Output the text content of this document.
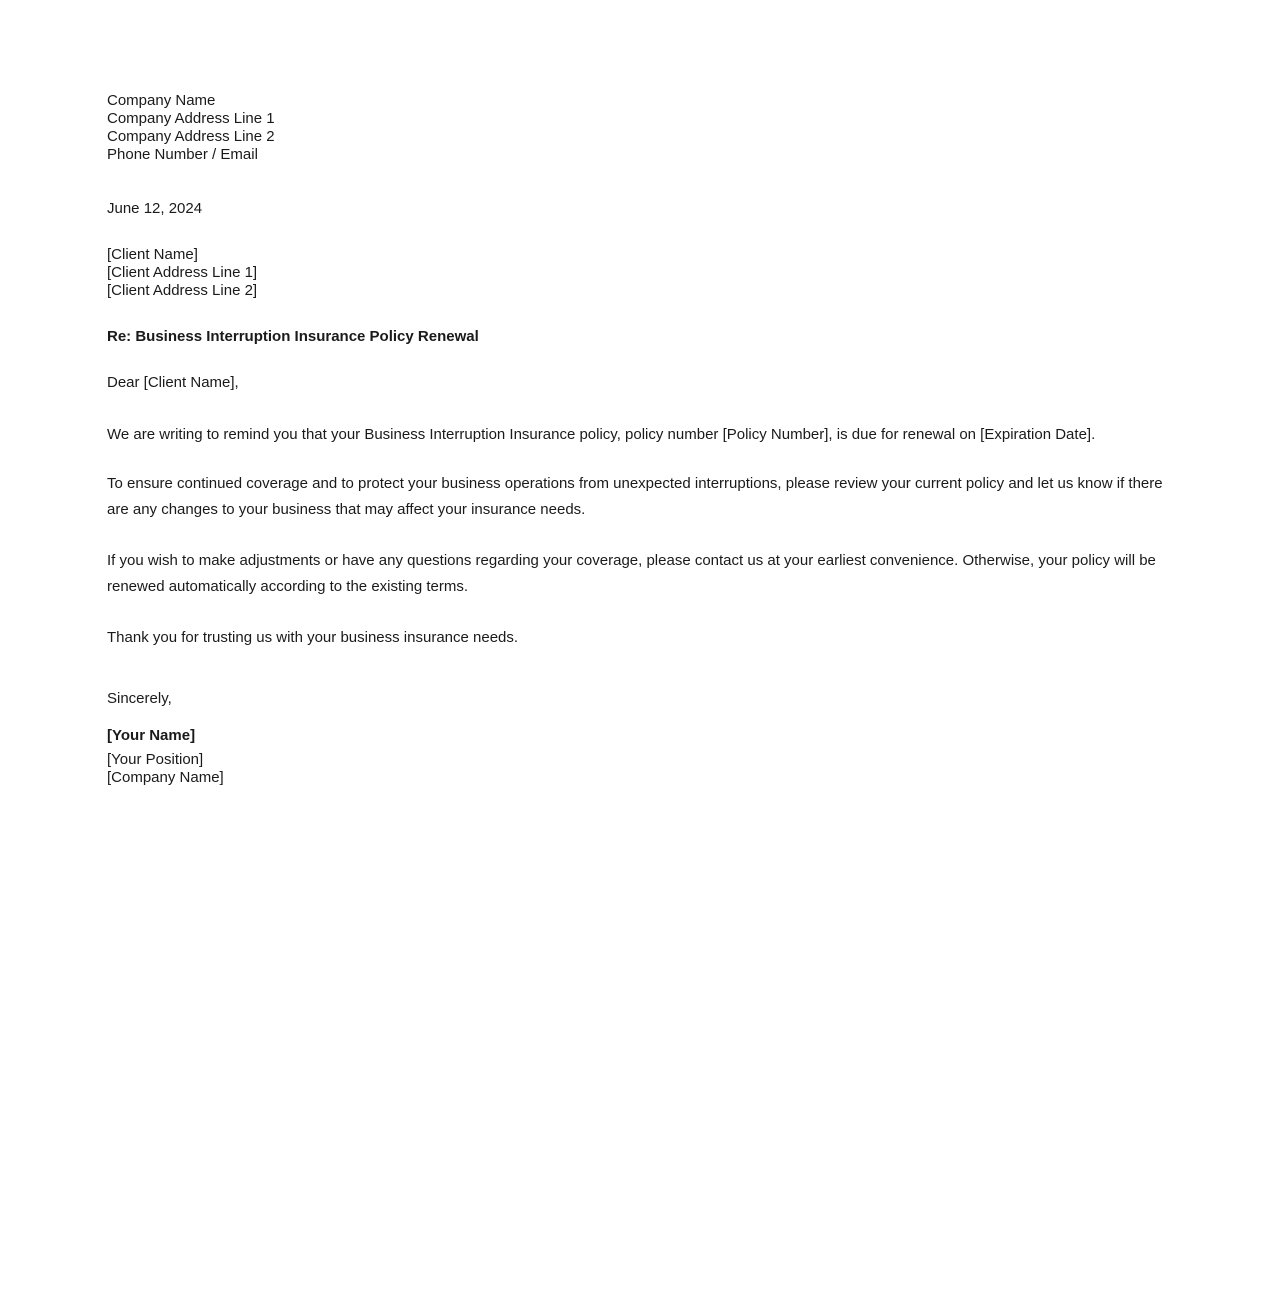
Company Name
Company Address Line 1
Company Address Line 2
Phone Number / Email

June 12, 2024

[Client Name]
[Client Address Line 1]
[Client Address Line 2]

Re: Business Interruption Insurance Policy Renewal

Dear [Client Name],

We are writing to remind you that your Business Interruption Insurance policy, policy number [Policy Number], is due for renewal on [Expiration Date].

To ensure continued coverage and to protect your business operations from unexpected interruptions, please review your current policy and let us know if there are any changes to your business that may affect your insurance needs.

If you wish to make adjustments or have any questions regarding your coverage, please contact us at your earliest convenience. Otherwise, your policy will be renewed automatically according to the existing terms.

Thank you for trusting us with your business insurance needs.

Sincerely,

[Your Name]

[Your Position]
[Company Name]
